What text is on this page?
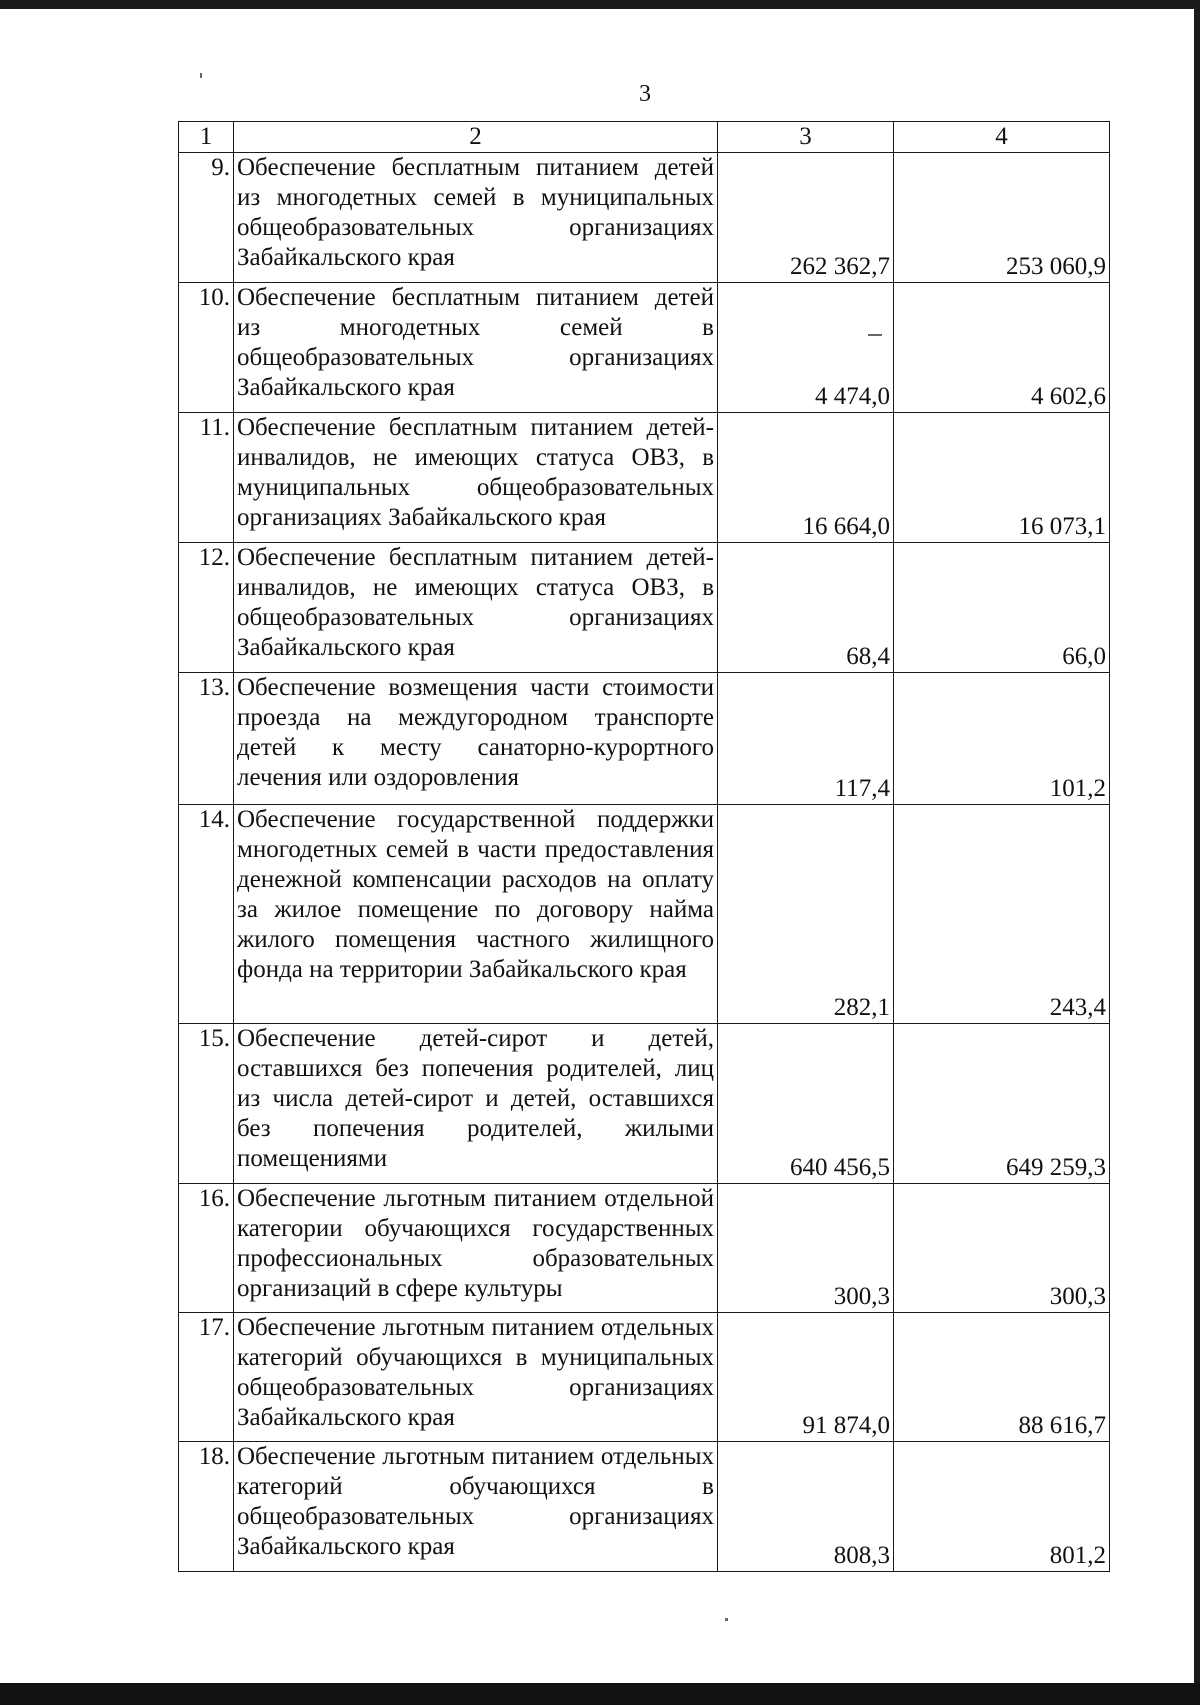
3
1	2	3	4
9.	Обеспечение бесплатным питанием детей из многодетных семей в муниципальных общеобразовательных организациях Забайкальского края	262 362,7	253 060,9
10.	Обеспечение бесплатным питанием детей из многодетных семей в общеобразовательных организациях Забайкальского края	4 474,0	4 602,6
11.	Обеспечение бесплатным питанием детей-инвалидов, не имеющих статуса ОВЗ, в муниципальных общеобразовательных организациях Забайкальского края	16 664,0	16 073,1
12.	Обеспечение бесплатным питанием детей-инвалидов, не имеющих статуса ОВЗ, в общеобразовательных организациях Забайкальского края	68,4	66,0
13.	Обеспечение возмещения части стоимости проезда на междугородном транспорте детей к месту санаторно-курортного лечения или оздоровления	117,4	101,2
14.	Обеспечение государственной поддержки многодетных семей в части предоставления денежной компенсации расходов на оплату за жилое помещение по договору найма жилого помещения частного жилищного фонда на территории Забайкальского края	282,1	243,4
15.	Обеспечение детей-сирот и детей, оставшихся без попечения родителей, лиц из числа детей-сирот и детей, оставшихся без попечения родителей, жилыми помещениями	640 456,5	649 259,3
16.	Обеспечение льготным питанием отдельной категории обучающихся государственных профессиональных образовательных организаций в сфере культуры	300,3	300,3
17.	Обеспечение льготным питанием отдельных категорий обучающихся в муниципальных общеобразовательных организациях Забайкальского края	91 874,0	88 616,7
18.	Обеспечение льготным питанием отдельных категорий обучающихся в общеобразовательных организациях Забайкальского края	808,3	801,2
